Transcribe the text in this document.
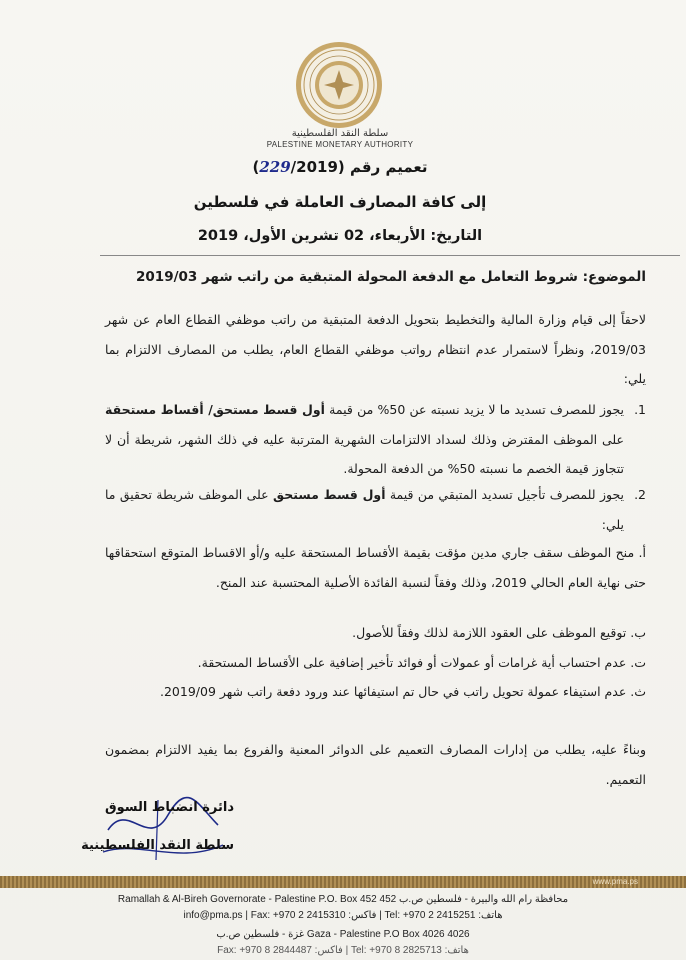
سلطة النقد الفلسطينية
PALESTINE MONETARY AUTHORITY
تعميم رقم (229/2019)
إلى كافة المصارف العاملة في فلسطين
التاريخ: الأربعاء، 02 تشرين الأول، 2019
الموضوع: شروط التعامل مع الدفعة المحولة المتبقية من راتب شهر 2019/03
لاحقاً إلى قيام وزارة المالية والتخطيط بتحويل الدفعة المتبقية من راتب موظفي القطاع العام عن شهر 2019/03، ونظراً لاستمرار عدم انتظام رواتب موظفي القطاع العام، يطلب من المصارف الالتزام بما يلي:
1.
يجوز للمصرف تسديد ما لا يزيد نسبته عن 50% من قيمة أول قسط مستحق/ أقساط مستحقة على الموظف المقترض وذلك لسداد الالتزامات الشهرية المترتبة عليه في ذلك الشهر، شريطة أن لا تتجاوز قيمة الخصم ما نسبته 50% من الدفعة المحولة.
2.
يجوز للمصرف تأجيل تسديد المتبقي من قيمة أول قسط مستحق على الموظف شريطة تحقيق ما يلي:
أ. منح الموظف سقف جاري مدين مؤقت بقيمة الأقساط المستحقة عليه و/أو الاقساط المتوقع استحقاقها حتى نهاية العام الحالي 2019، وذلك وفقاً لنسبة الفائدة الأصلية المحتسبة عند المنح.
ب. توقيع الموظف على العقود اللازمة لذلك وفقاً للأصول.
ت. عدم احتساب أية غرامات أو عمولات أو فوائد تأخير إضافية على الأقساط المستحقة.
ث. عدم استيفاء عمولة تحويل راتب في حال تم استيفائها عند ورود دفعة راتب شهر 2019/09.
وبناءً عليه، يطلب من إدارات المصارف التعميم على الدوائر المعنية والفروع بما يفيد الالتزام بمضمون التعميم.
دائرة انضباط السوق
سلطة النقد الفلسطينية
www.pma.ps
Ramallah & Al-Bireh Governorate - Palestine P.O. Box 452 محافظة رام الله والبيرة - فلسطين ص.ب 452
info@pma.ps | Fax: +970 2 2415310 :فاكس | Tel: +970 2 2415251 :هاتف
غزة - فلسطين ص.ب Gaza - Palestine P.O Box 4026 4026
Fax: +970 8 2844487 :فاكس | Tel: +970 8 2825713 :هاتف
